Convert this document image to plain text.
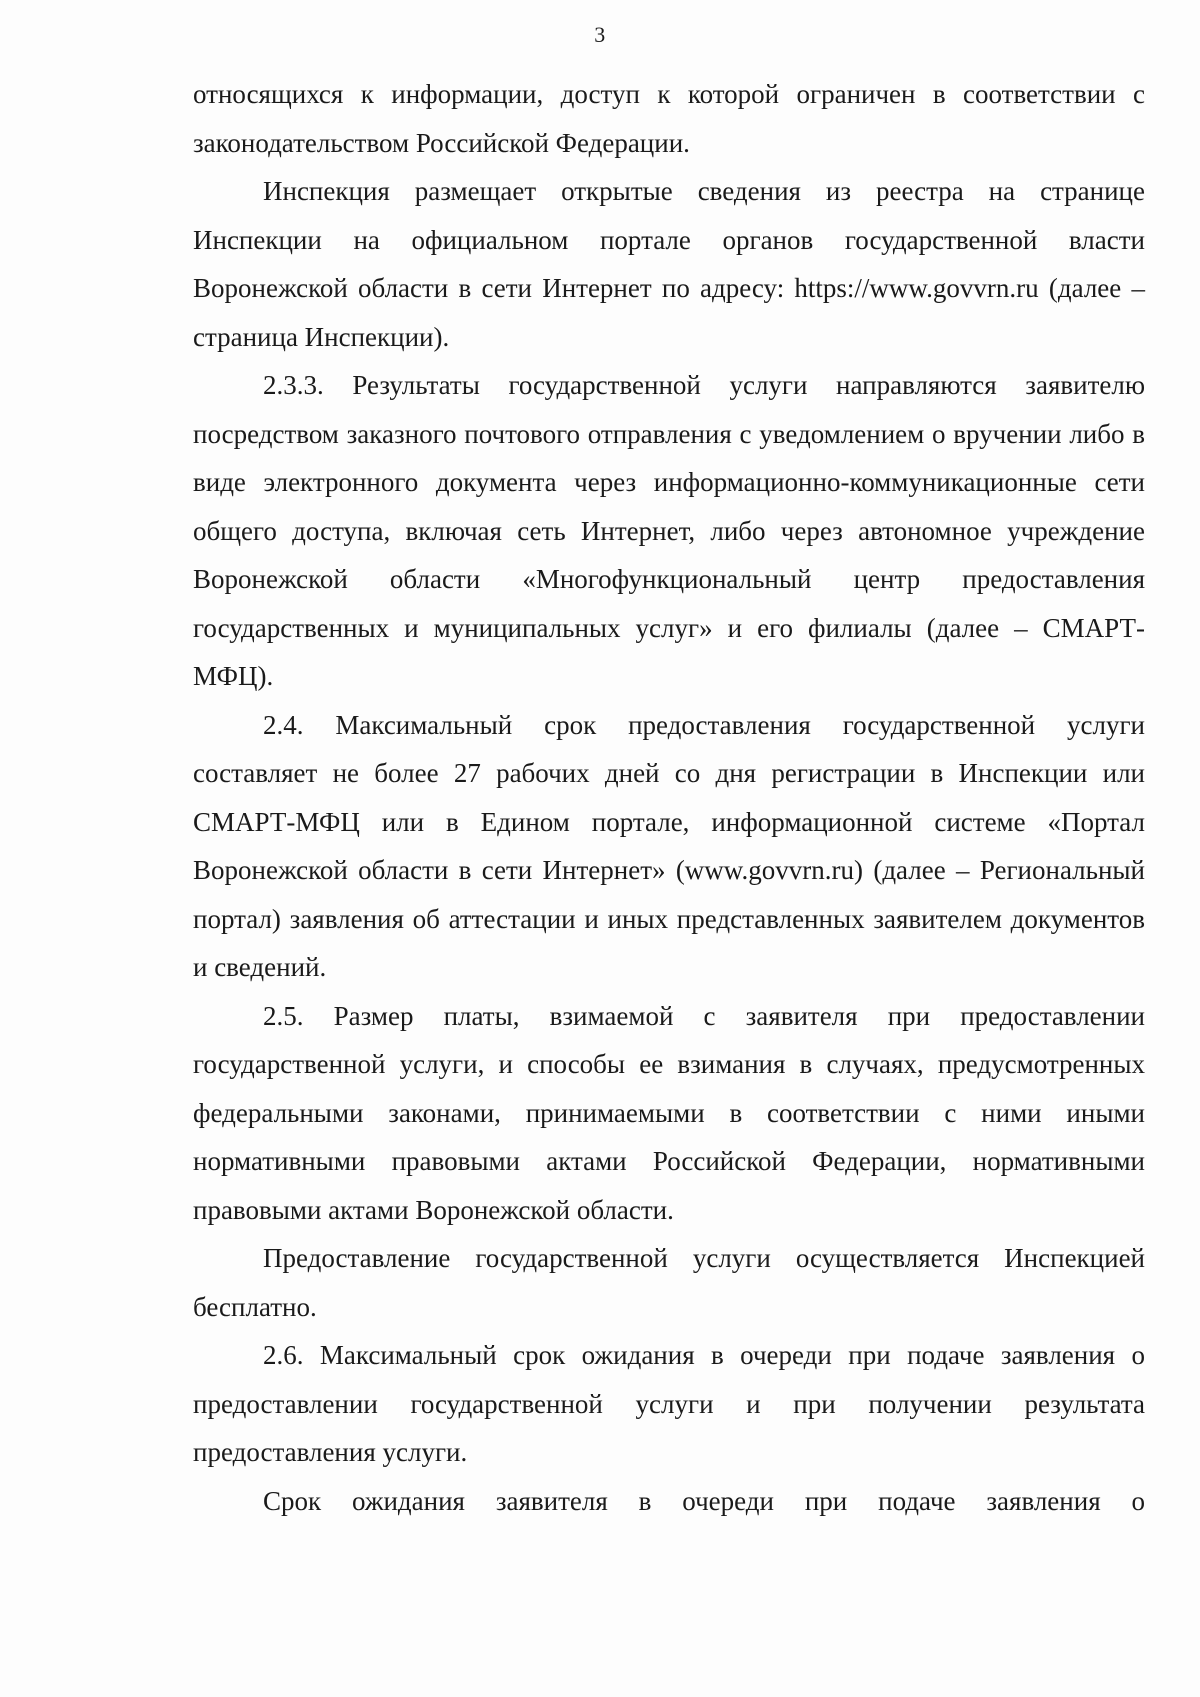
3

относящихся к информации, доступ к которой ограничен в соответствии с законодательством Российской Федерации.

Инспекция размещает открытые сведения из реестра на странице Инспекции на официальном портале органов государственной власти Воронежской области в сети Интернет по адресу: https://www.govvrn.ru (далее – страница Инспекции).

2.3.3. Результаты государственной услуги направляются заявителю посредством заказного почтового отправления с уведомлением о вручении либо в виде электронного документа через информационно-коммуникационные сети общего доступа, включая сеть Интернет, либо через автономное учреждение Воронежской области «Многофункциональный центр предоставления государственных и муниципальных услуг» и его филиалы (далее – СМАРТ- МФЦ).

2.4. Максимальный срок предоставления государственной услуги составляет не более 27 рабочих дней со дня регистрации в Инспекции или СМАРТ-МФЦ или в Едином портале, информационной системе «Портал Воронежской области в сети Интернет» (www.govvrn.ru) (далее – Региональный портал) заявления об аттестации и иных представленных заявителем документов и сведений.

2.5. Размер платы, взимаемой с заявителя при предоставлении государственной услуги, и способы ее взимания в случаях, предусмотренных федеральными законами, принимаемыми в соответствии с ними иными нормативными правовыми актами Российской Федерации, нормативными правовыми актами Воронежской области.

Предоставление государственной услуги осуществляется Инспекцией бесплатно.

2.6. Максимальный срок ожидания в очереди при подаче заявления о предоставлении государственной услуги и при получении результата предоставления услуги.

Срок ожидания заявителя в очереди при подаче заявления о
